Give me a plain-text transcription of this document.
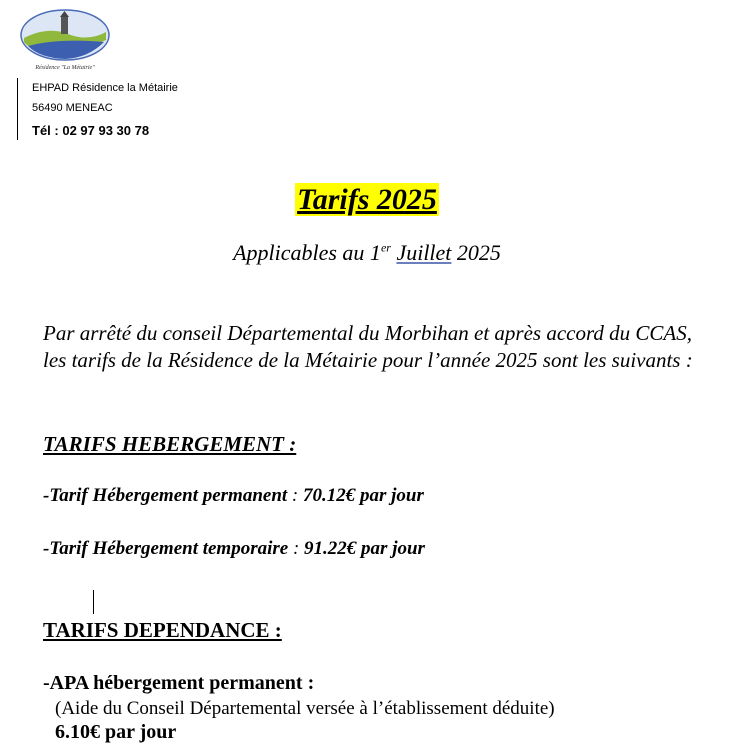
Résidence "La Métairie"
EHPAD Résidence la Métairie
56490 MENEAC
Tél : 02 97 93 30 78
Tarifs 2025
Applicables au 1er Juillet 2025
Par arrêté du conseil Départemental du Morbihan et après accord du CCAS, les tarifs de la Résidence de la Métairie pour l’année 2025 sont les suivants :
TARIFS HEBERGEMENT :
-Tarif Hébergement permanent : 70.12€ par jour
-Tarif Hébergement temporaire : 91.22€ par jour
TARIFS DEPENDANCE :
-APA hébergement permanent :
(Aide du Conseil Départemental versée à l’établissement déduite)
6.10€ par jour
